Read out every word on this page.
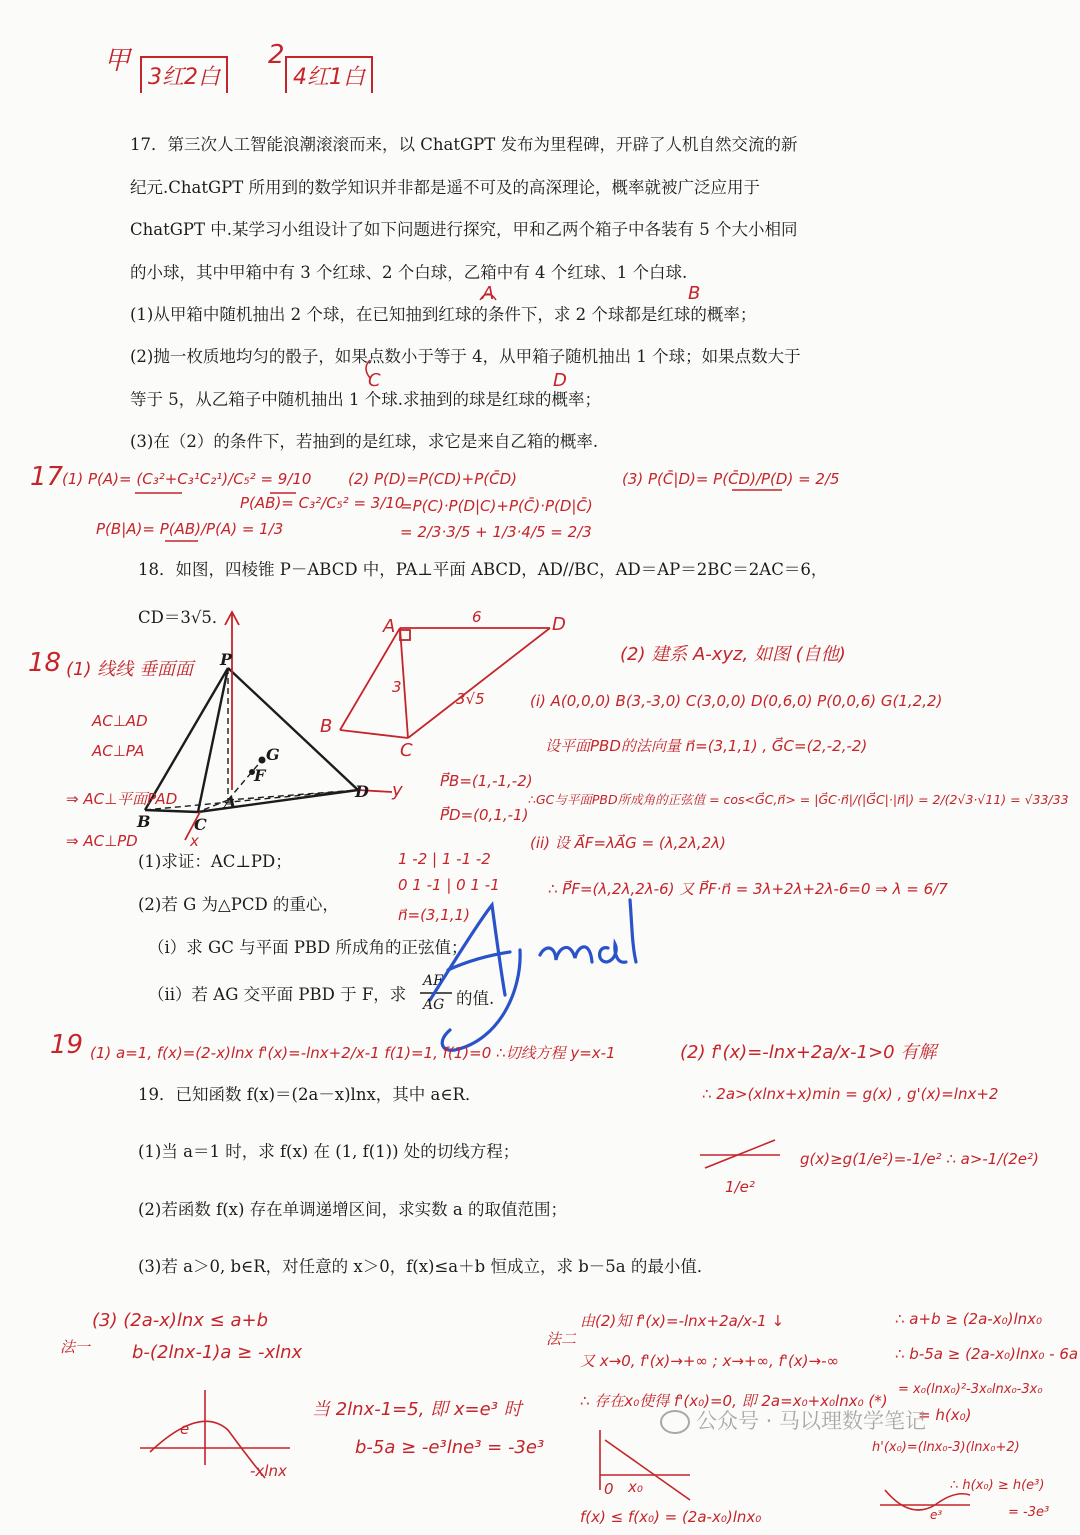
甲
3红2白
2
4红1白
17．第三次人工智能浪潮滚滚而来，以 ChatGPT 发布为里程碑，开辟了人机自然交流的新
纪元.ChatGPT 所用到的数学知识并非都是遥不可及的高深理论，概率就被广泛应用于
ChatGPT 中.某学习小组设计了如下问题进行探究，甲和乙两个箱子中各装有 5 个大小相同
的小球，其中甲箱中有 3 个红球、2 个白球，乙箱中有 4 个红球、1 个白球.
(1)从甲箱中随机抽出 2 个球，在已知抽到红球的条件下，求 2 个球都是红球的概率；
(2)抛一枚质地均匀的骰子，如果点数小于等于 4，从甲箱子随机抽出 1 个球；如果点数大于
等于 5，从乙箱子中随机抽出 1 个球.求抽到的球是红球的概率；
(3)在（2）的条件下，若抽到的是红球，求它是来自乙箱的概率.
A	B
C	D
17
(1) P(A)= (C₃²+C₃¹C₂¹)/C₅² = 9/10
P(B|A)= P(AB)/P(A) = 1/3
P(AB)= C₃²/C₅² = 3/10
(2) P(D)=P(CD)+P(C̄D)
=P(C)·P(D|C)+P(C̄)·P(D|C̄)
= 2/3·3/5 + 1/3·4/5 = 2/3
(3) P(C̄|D)= P(C̄D)/P(D) = 2/5
18．如图，四棱锥 P－ABCD 中，PA⊥平面 ABCD，AD//BC，AD＝AP＝2BC＝2AC＝6，
CD＝3√5．
(1)求证：AC⊥PD；
(2)若 G 为△PCD 的重心，
（i）求 GC 与平面 PBD 所成角的正弦值；
（ii）若 AG 交平面 PBD 于 F，求
AF
AG 的值.
P
B	C
A
D
G
F
y
x
18 (1) 线线 垂面面
AC⊥AD
AC⊥PA
⇒ AC⊥平面PAD
⇒ AC⊥PD
A	D
B
C
6
3
3√5
P⃗B=(1,-1,-2)
P⃗D=(0,1,-1)
1 -2 | 1 -1 -2
0 1 -1 | 0 1 -1
n⃗=(3,1,1)
(2) 建系 A-xyz, 如图 (自他)
(i) A(0,0,0) B(3,-3,0) C(3,0,0) D(0,6,0) P(0,0,6) G(1,2,2)
设平面PBD的法向量 n⃗=(3,1,1) , G⃗C=(2,-2,-2)
∴GC与平面PBD所成角的正弦值 = cos<G⃗C,n⃗> = |G⃗C·n⃗|/(|G⃗C|·|n⃗|) = 2/(2√3·√11) = √33/33
(ii) 设 A⃗F=λA⃗G = (λ,2λ,2λ)
∴ P⃗F=(λ,2λ,2λ-6) 又 P⃗F·n⃗ = 3λ+2λ+2λ-6=0 ⇒ λ = 6/7
19．已知函数 f(x)＝(2a－x)lnx，其中 a∈R．
(1)当 a＝1 时，求 f(x) 在 (1, f(1)) 处的切线方程；
(2)若函数 f(x) 存在单调递增区间，求实数 a 的取值范围；
(3)若 a＞0, b∈R，对任意的 x＞0，f(x)≤a＋b 恒成立，求 b－5a 的最小值．
19 (1) a=1, f(x)=(2-x)lnx f'(x)=-lnx+2/x-1 f(1)=1, f(1)=0 ∴切线方程 y=x-1	(2) f'(x)=-lnx+2a/x-1>0 有解
∴ 2a>(xlnx+x)min = g(x) , g'(x)=lnx+2
g(x)≥g(1/e²)=-1/e² ∴ a>-1/(2e²)
1/e²
(3) (2a-x)lnx ≤ a+b
法一 b-(2lnx-1)a ≥ -xlnx
当 2lnx-1=5, 即 x=e³ 时
b-5a ≥ -e³lne³ = -3e³
e
-xlnx
法二
由(2)知 f'(x)=-lnx+2a/x-1 ↓
又 x→0, f'(x)→+∞ ; x→+∞, f'(x)→-∞
∴ 存在x₀使得 f'(x₀)=0, 即 2a=x₀+x₀lnx₀ (*)
0 x₀
f(x) ≤ f(x₀) = (2a-x₀)lnx₀
∴ a+b ≥ (2a-x₀)lnx₀
∴ b-5a ≥ (2a-x₀)lnx₀ - 6a
= x₀(lnx₀)²-3x₀lnx₀-3x₀
= h(x₀)
h'(x₀)=(lnx₀-3)(lnx₀+2)
∴ h(x₀) ≥ h(e³)
= -3e³
e³
公众号 · 马以理数学笔记
